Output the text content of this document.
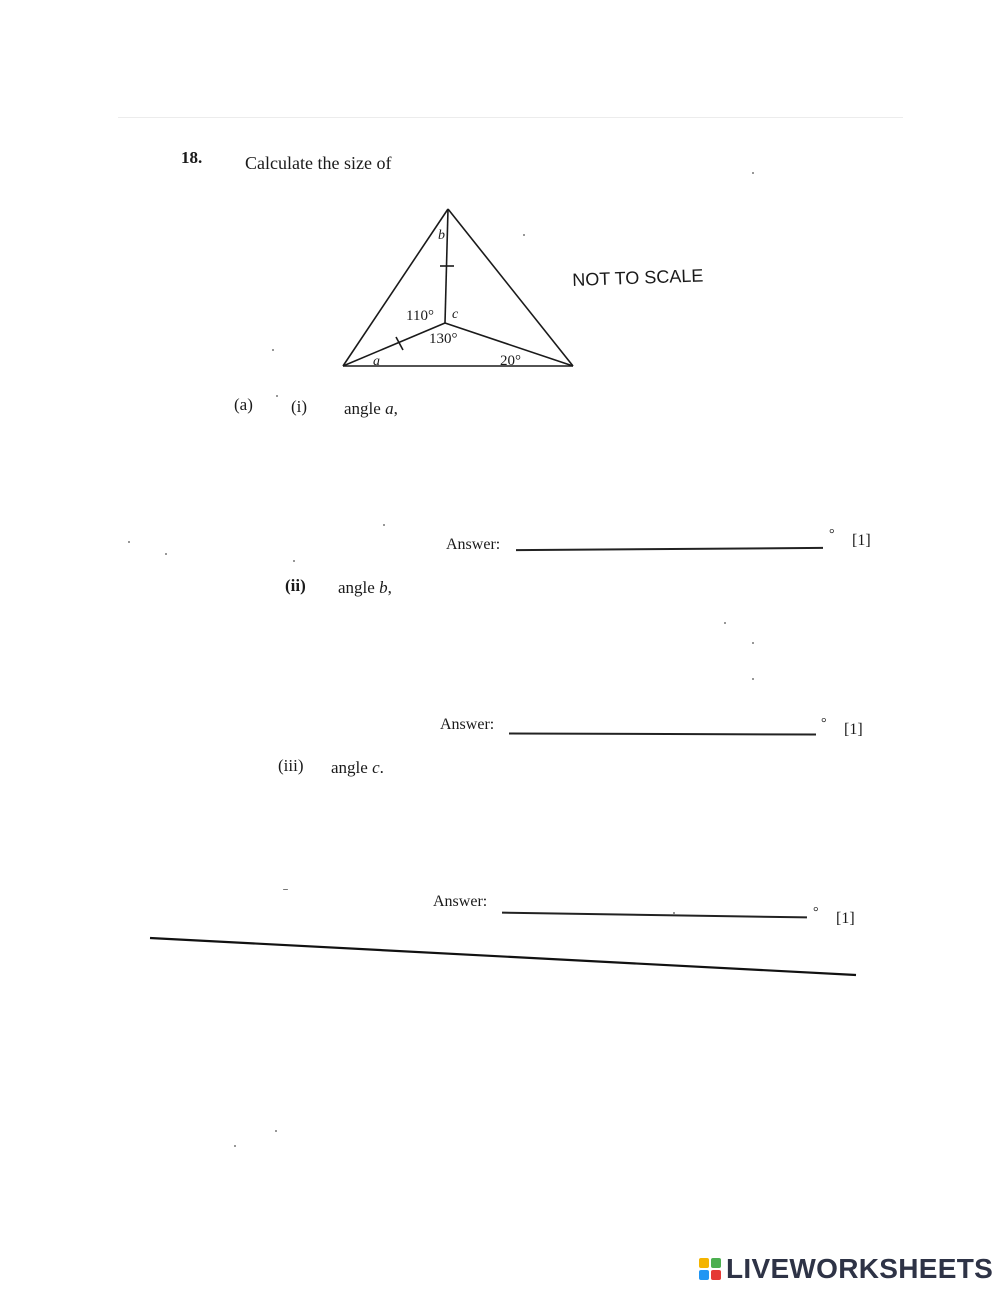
18. Calculate the size of
b
c
110°
130°
a	20°
NOT TO SCALE
(a) (i) angle a,
Answer:
° [1]
(ii) angle b,
Answer:	° [1]
(iii) angle c.
Answer:
° [1]
LIVEWORKSHEETS
